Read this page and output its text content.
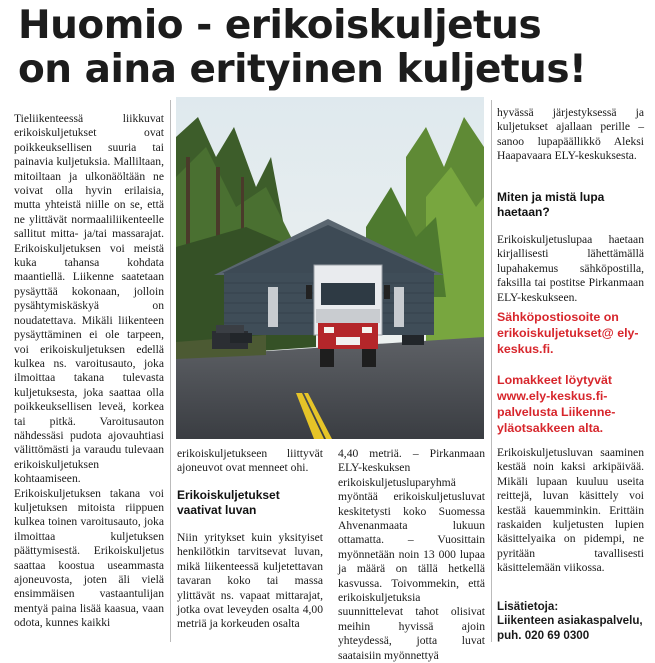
Huomio - erikoiskuljetus
on aina erityinen kuljetus!

Tieliikenteessä liikkuvat erikoiskuljetukset ovat poikkeuksellisen suuria tai painavia kuljetuksia. Malliltaan, mitoiltaan ja ulkonäöltään ne voivat olla hyvin erilaisia, mutta yhteistä niille on se, että ne ylittävät normaaliliikenteelle sallitut mitta- ja/tai massarajat. Erikoiskuljetuksen voi meistä kuka tahansa kohdata maantiellä. Liikenne saatetaan pysäyttää kokonaan, jolloin pysähtymiskäskyä on noudatettava. Mikäli liikenteen pysäyttäminen ei ole tarpeen, voi erikoiskuljetuksen edellä kulkea ns. varoitusauto, joka ilmoittaa takana tulevasta kuljetuksesta, joka saattaa olla poikkeuksellisen leveä, korkea tai pitkä. Varoitusauton nähdessäsi pudota ajovauhtiasi välittömästi ja varaudu tulevaan erikoiskuljetuksen kohtaamiseen. Erikoiskuljetuksen takana voi kuljetuksen mitoista riippuen kulkea toinen varoitusauto, joka ilmoittaa kuljetuksen päättymisestä. Erikoiskuljetus saattaa koostua useammasta ajoneuvosta, joten äli vielä ensimmäisen vastaantulijan mentyä paina lisää kaasua, vaan odota, kunnes kaikki

erikoiskuljetukseen liittyvät ajoneuvot ovat menneet ohi.

Erikoiskuljetukset vaativat luvan

Niin yritykset kuin yksityiset henkilötkin tarvitsevat luvan, mikä liikenteessä kuljetettavan tavaran koko tai massa ylittävät ns. vapaat mittarajat, jotka ovat leveyden osalta 4,00 metriä ja korkeuden osalta

4,40 metriä. – Pirkanmaan ELY-keskuksen erikoiskuljetusluparyhmä myöntää erikoiskuljetusluvat keskitetysti koko Suomessa Ahvenanmaata lukuun ottamatta. – Vuosittain myönnetään noin 13 000 lupaa ja määrä on tällä hetkellä kasvussa. Toivommekin, että erikoiskuljetuksia suunnittelevat tahot olisivat meihin hyvissä ajoin yhteydessä, jotta luvat saataisiin myönnettyä

hyvässä järjestyksessä ja kuljetukset ajallaan perille – sanoo lupapäällikkö Aleksi Haapavaara ELY-keskuksesta.

Miten ja mistä lupa haetaan?

Erikoiskuljetuslupaa haetaan kirjallisesti lähettämällä lupahakemus sähköpostilla, faksilla tai postitse Pirkanmaan ELY-keskukseen.

Sähköpostiosoite on erikoiskuljetukset@ ely-keskus.fi.

Lomakkeet löytyvät www.ely-keskus.fi-palvelusta Liikenne-yläotsakkeen alta.

Erikoiskuljetusluvan saaminen kestää noin kaksi arkipäivää. Mikäli lupaan kuuluu useita reittejä, luvan käsittely voi kestää kauemminkin. Erittäin raskaiden kuljetusten lupien käsittelyaika on pidempi, ne pyritään tavallisesti käsittelemään viikossa.

Lisätietoja:
Liikenteen asiakaspalvelu,
puh. 020 69 0300
